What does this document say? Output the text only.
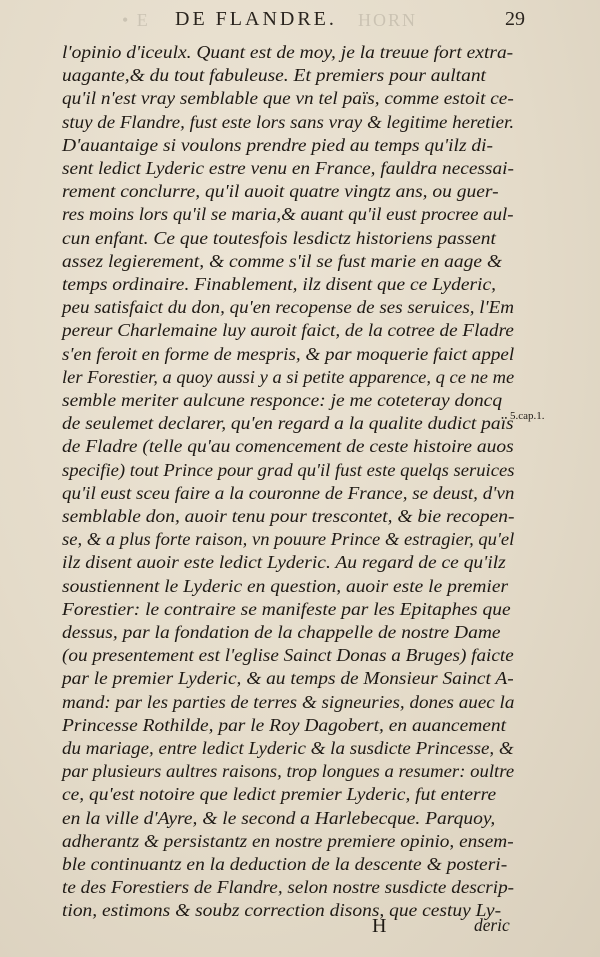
• E DE FLANDRE. HORN	29
l'opinio d'iceulx. Quant est de moy, je la treuue fort extra-
uagante,& du tout fabuleuse. Et premiers pour aultant
qu'il n'est vray semblable que vn tel païs, comme estoit ce-
stuy de Flandre, fust este lors sans vray & legitime heretier.
D'auantaige si voulons prendre pied au temps qu'ilz di-
sent ledict Lyderic estre venu en France, fauldra necessai-
rement conclurre, qu'il auoit quatre vingtz ans, ou guer-
res moins lors qu'il se maria,& auant qu'il eust procree aul-
cun enfant. Ce que toutesfois lesdictz historiens passent
assez legierement, & comme s'il se fust marie en aage &
temps ordinaire. Finablement, ilz disent que ce Lyderic,
peu satisfaict du don, qu'en recopense de ses seruices, l'Em
pereur Charlemaine luy auroit faict, de la cotree de Fladre
s'en feroit en forme de mespris, & par moquerie faict appel
ler Forestier, a quoy aussi y a si petite apparence, q ce ne me
semble meriter aulcune responce: je me coteteray doncq
de seulemet declarer, qu'en regard a la qualite dudict païs
de Fladre (telle qu'au comencement de ceste histoire auos
specifie) tout Prince pour grad qu'il fust este quelqs seruices
qu'il eust sceu faire a la couronne de France, se deust, d'vn
semblable don, auoir tenu pour trescontet, & bie recopen-
se, & a plus forte raison, vn pouure Prince & estragier, qu'el
ilz disent auoir este ledict Lyderic. Au regard de ce qu'ilz
soustiennent le Lyderic en question, auoir este le premier
Forestier: le contraire se manifeste par les Epitaphes que
dessus, par la fondation de la chappelle de nostre Dame
(ou presentement est l'eglise Sainct Donas a Bruges) faicte
par le premier Lyderic, & au temps de Monsieur Sainct A-
mand: par les parties de terres & signeuries, dones auec la
Princesse Rothilde, par le Roy Dagobert, en auancement
du mariage, entre ledict Lyderic & la susdicte Princesse, &
par plusieurs aultres raisons, trop longues a resumer: oultre
ce, qu'est notoire que ledict premier Lyderic, fut enterre
en la ville d'Ayre, & le second a Harlebecque. Parquoy,
adherantz & persistantz en nostre premiere opinio, ensem-
ble continuantz en la deduction de la descente & posteri-
te des Forestiers de Flandre, selon nostre susdicte descrip-
tion, estimons & soubz correction disons, que cestuy Ly-
5.cap.1.
H	deric
